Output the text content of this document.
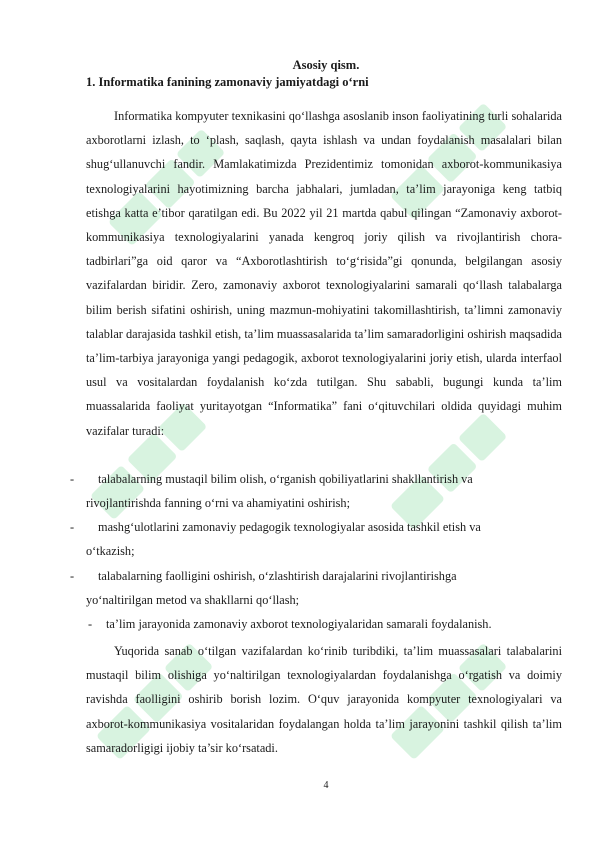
Asosiy qism.
1. Informatika fanining zamonaviy jamiyatdagi o‘rni

Informatika kompyuter texnikasini qo‘llashga asoslanib inson faoliyatining turli sohalarida axborotlarni izlash, to ‘plash, saqlash, qayta ishlash va undan foydalanish masalalari bilan shug‘ullanuvchi fandir. Mamlakatimizda Prezidentimiz tomonidan axborot-kommunikasiya texnologiyalarini hayotimizning barcha jabhalari, jumladan, ta’lim jarayoniga keng tatbiq etishga katta e’tibor qaratilgan edi. Bu 2022 yil 21 martda qabul qilingan “Zamonaviy axborot-kommunikasiya texnologiyalarini yanada kengroq joriy qilish va rivojlantirish chora-tadbirlari”ga oid qaror va “Axborotlashtirish to‘g‘risida”gi qonunda, belgilangan asosiy vazifalardan biridir. Zero, zamonaviy axborot texnologiyalarini samarali qo‘llash talabalarga bilim berish sifatini oshirish, uning mazmun-mohiyatini takomillashtirish, ta’limni zamonaviy talablar darajasida tashkil etish, ta’lim muassasalarida ta’lim samaradorligini oshirish maqsadida ta’lim-tarbiya jarayoniga yangi pedagogik, axborot texnologiyalarini joriy etish, ularda interfaol usul va vositalardan foydalanish ko‘zda tutilgan. Shu sababli, bugungi kunda ta’lim muassalarida faoliyat yuritayotgan “Informatika” fani o‘qituvchilari oldida quyidagi muhim vazifalar turadi:

- talabalarning mustaqil bilim olish, o‘rganish qobiliyatlarini shakllantirish va
rivojlantirishda fanning o‘rni va ahamiyatini oshirish;
- mashg‘ulotlarini zamonaviy pedagogik texnologiyalar asosida tashkil etish va
o‘tkazish;
- talabalarning faolligini oshirish, o‘zlashtirish darajalarini rivojlantirishga
yo‘naltirilgan metod va shakllarni qo‘llash;
- ta’lim jarayonida zamonaviy axborot texnologiyalaridan samarali foydalanish.

Yuqorida sanab o‘tilgan vazifalardan ko‘rinib turibdiki, ta’lim muassasalari talabalarini mustaqil bilim olishiga yo‘naltirilgan texnologiyalardan foydalanishga o‘rgatish va doimiy ravishda faolligini oshirib borish lozim. O‘quv jarayonida kompyuter texnologiyalari va axborot-kommunikasiya vositalaridan foydalangan holda ta’lim jarayonini tashkil qilish ta’lim samaradorligigi ijobiy ta’sir ko‘rsatadi.

4
